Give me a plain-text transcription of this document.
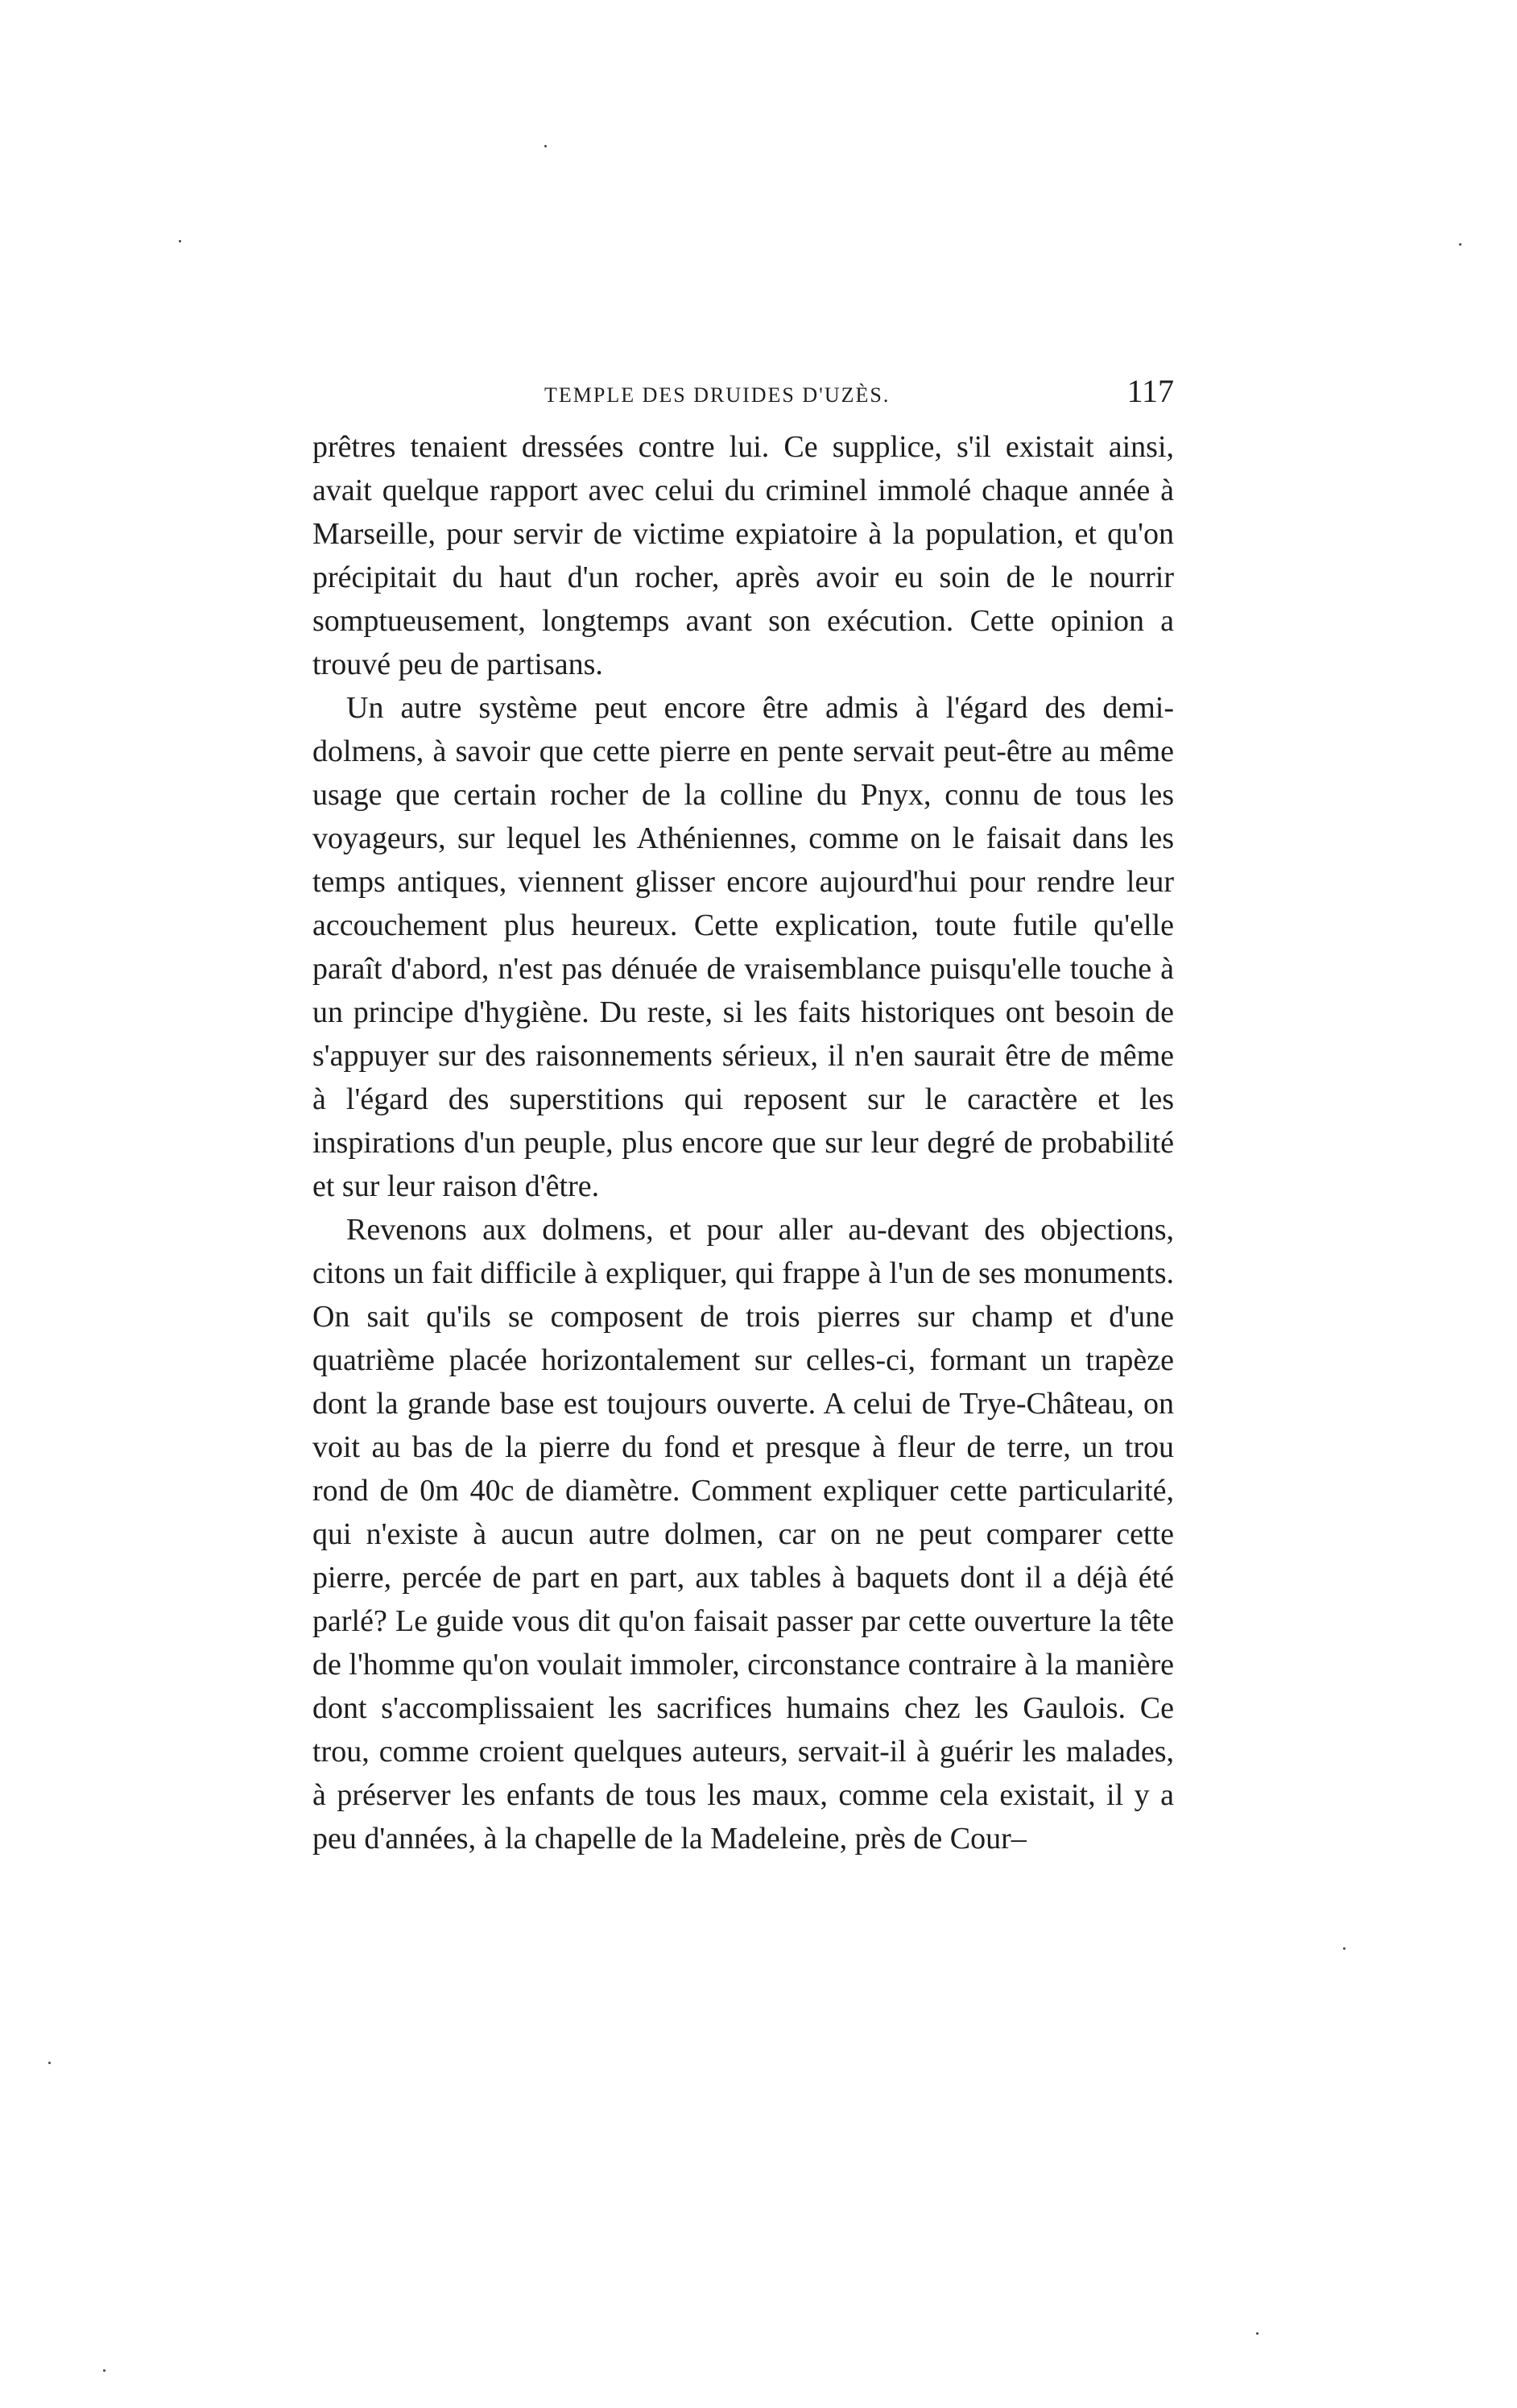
TEMPLE DES DRUIDES D'UZÈS.	117

prêtres tenaient dressées contre lui. Ce supplice, s'il existait ainsi, avait quelque rapport avec celui du criminel immolé chaque année à Marseille, pour servir de victime expiatoire à la population, et qu'on précipitait du haut d'un rocher, après avoir eu soin de le nourrir somptueusement, longtemps avant son exécution. Cette opinion a trouvé peu de partisans.

Un autre système peut encore être admis à l'égard des demi-dolmens, à savoir que cette pierre en pente servait peut-être au même usage que certain rocher de la colline du Pnyx, connu de tous les voyageurs, sur lequel les Athéniennes, comme on le faisait dans les temps antiques, viennent glisser encore aujourd'hui pour rendre leur accouchement plus heureux. Cette explication, toute futile qu'elle paraît d'abord, n'est pas dénuée de vraisemblance puisqu'elle touche à un principe d'hygiène. Du reste, si les faits historiques ont besoin de s'appuyer sur des raisonnements sérieux, il n'en saurait être de même à l'égard des superstitions qui reposent sur le caractère et les inspirations d'un peuple, plus encore que sur leur degré de probabilité et sur leur raison d'être.

Revenons aux dolmens, et pour aller au-devant des objections, citons un fait difficile à expliquer, qui frappe à l'un de ses monuments. On sait qu'ils se composent de trois pierres sur champ et d'une quatrième placée horizontalement sur celles-ci, formant un trapèze dont la grande base est toujours ouverte. A celui de Trye-Château, on voit au bas de la pierre du fond et presque à fleur de terre, un trou rond de 0m 40c de diamètre. Comment expliquer cette particularité, qui n'existe à aucun autre dolmen, car on ne peut comparer cette pierre, percée de part en part, aux tables à baquets dont il a déjà été parlé? Le guide vous dit qu'on faisait passer par cette ouverture la tête de l'homme qu'on voulait immoler, circonstance contraire à la manière dont s'accomplissaient les sacrifices humains chez les Gaulois. Ce trou, comme croient quelques auteurs, servait-il à guérir les malades, à préserver les enfants de tous les maux, comme cela existait, il y a peu d'années, à la chapelle de la Madeleine, près de Cour–
